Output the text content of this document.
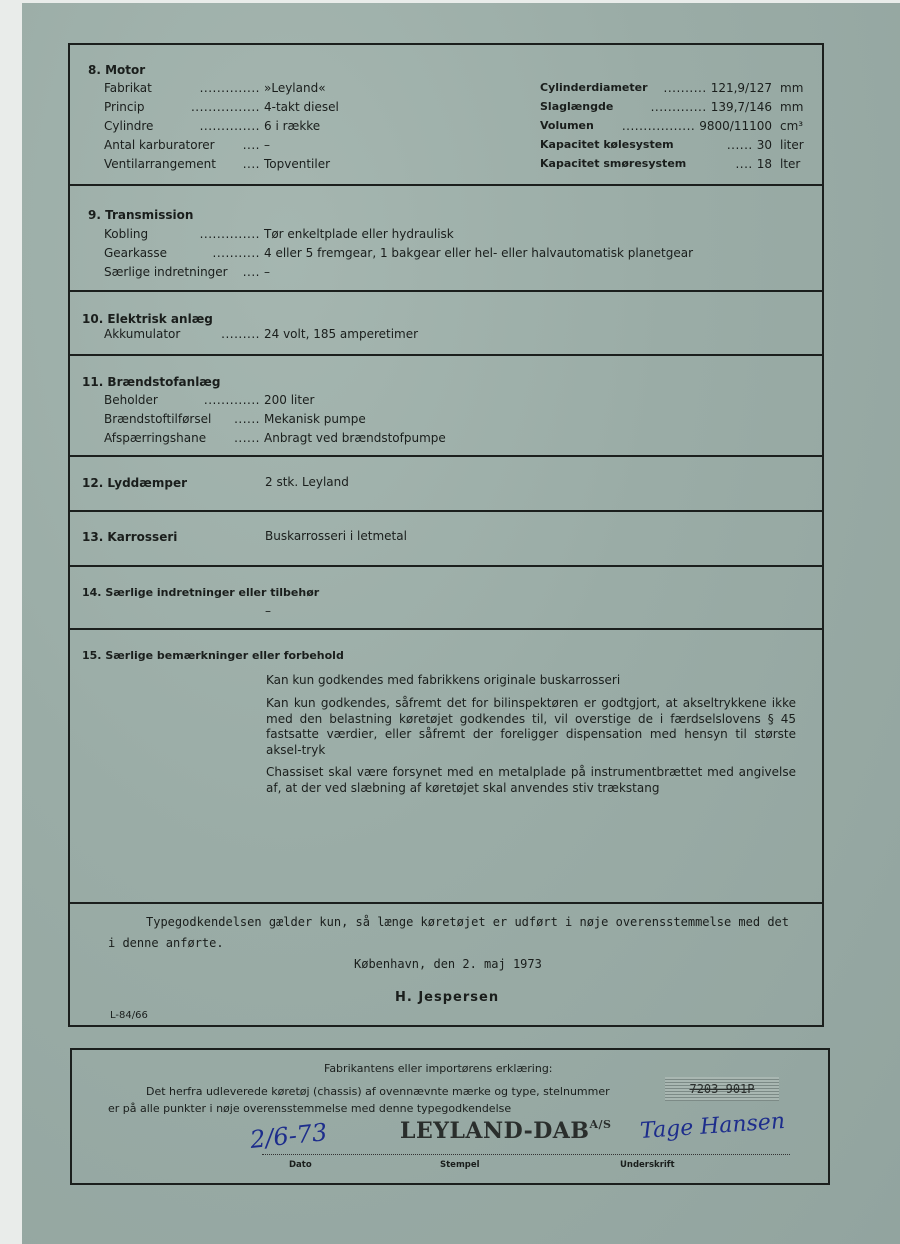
8. Motor
Fabrikat	.............. »Leyland«
Princip	................ 4-takt diesel
Cylindre	.............. 6 i række
Antal karburatorer	.... –
Ventilarrangement	.... Topventiler
Cylinderdiameter	.......... 121,9/127 mm
Slaglængde	............. 139,7/146 mm
Volumen	................. 9800/11100 cm³
Kapacitet kølesystem	...... 30 liter
Kapacitet smøresystem	.... 18 lter
9. Transmission
Kobling	.............. Tør enkeltplade eller hydraulisk
Gearkasse	........... 4 eller 5 fremgear, 1 bakgear eller hel- eller halvautomatisk planetgear
Særlige indretninger	.... –
10. Elektrisk anlæg
Akkumulator	......... 24 volt, 185 amperetimer
11. Brændstofanlæg
Beholder	............. 200 liter
Brændstoftilførsel	...... Mekanisk pumpe
Afspærringshane	...... Anbragt ved brændstofpumpe
12. Lyddæmper	2 stk. Leyland
13. Karrosseri	Buskarrosseri i letmetal
14. Særlige indretninger eller tilbehør
–
15. Særlige bemærkninger eller forbehold
Kan kun godkendes med fabrikkens originale buskarrosseri
Kan kun godkendes, såfremt det for bilinspektøren er godtgjort, at akseltrykkene ikke med den belastning køretøjet godkendes til, vil overstige de i færdselslovens § 45 fastsatte værdier, eller såfremt der foreligger dispensation med hensyn til største aksel-tryk
Chassiset skal være forsynet med en metalplade på instrumentbrættet med angivelse af, at der ved slæbning af køretøjet skal anvendes stiv trækstang
Typegodkendelsen gælder kun, så længe køretøjet er udført i nøje overensstemmelse med det i denne anførte.
København, den 2. maj 1973
H. Jespersen
L-84/66
Fabrikantens eller importørens erklæring:
Det herfra udleverede køretøj (chassis) af ovennævnte mærke og type, stelnummer
er på alle punkter i nøje overensstemmelse med denne typegodkendelse
7203 901P
LEYLAND-$DAB^{A/S}$
2/6-73	Tage Hansen
Dato	Stempel	Underskrift
